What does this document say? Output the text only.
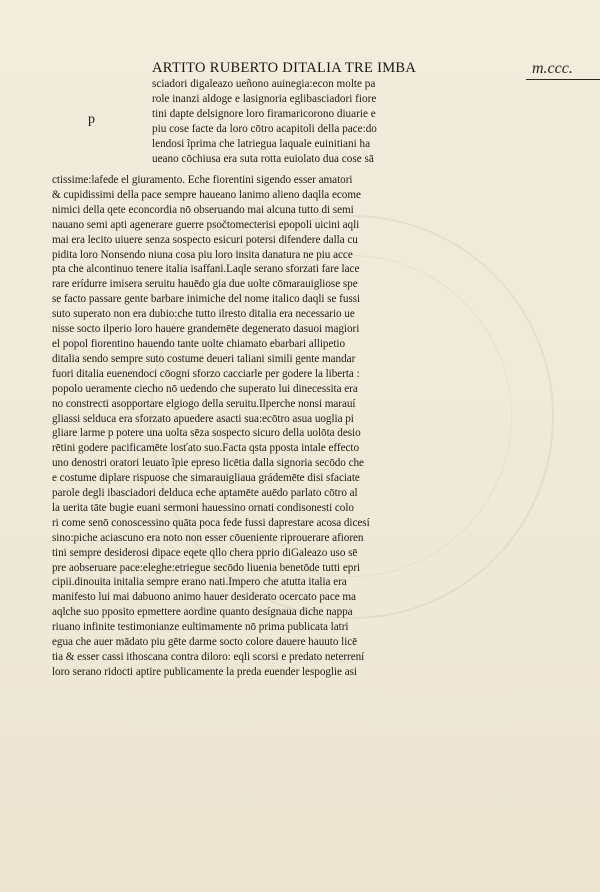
ARTITO RUBERTO DITALIA TRE IMBA	m.ccc.
p
sciadori digaleazo ueñono auinegia:econ molte pa
role inanzi aldoge e lasignoria eglibasciadori fiore
tini dapte delsignore loro firamaricorono diuarie e
piu cose facte da loro cōtro acapitoli della pace:do
lendosi ĩprima che latriegua laquale euinitiani ha
ueano cōchiusa era suta rotta euiolato dua cose sā
ctissime:lafede el giuramento. Eche fiorentini sigendo esser amatori
& cupidissimi della pace sempre haueano lanimo alieno daqlla ecome
nimici della qete econcordia nō obseruando mai alcuna tutto di semi
nauano semi apti agenerare guerre psočtomecterisi epopoli uicini aqli
mai era lecito uiuere senza sospecto esicuri potersi difendere dalla cu
pidita loro Nonsendo niuna cosa piu loro insita danatura ne piu acce
pta che alcontinuo tenere italia isaffani.Laqle serano sforzati fare lace
rare erídurre imisera seruitu hauēdo gia due uolte cōmarauigliose spe
se facto passare gente barbare inimiche del nome italico daqli se fussi
suto superato non era dubio:che tutto ilresto ditalia era necessario ue
nisse socto ilperio loro hauere grandemēte degenerato dasuoi magiori
el popol fiorentino hauendo tante uolte chiamato ebarbari allipetio
ditalia sendo sempre suto costume deueri taliani simili gente mandar
fuori ditalia euenendoci cōogni sforzo cacciarle per godere la liberta :
popolo ueramente ciecho nō uedendo che superato lui dinecessita era
no constrecti asopportare elgiogo della seruitu.Ilperche nonsi marauí
gliassi selduca era sforzato apuedere asacti sua:ecōtro asua uoglia pi
gliare larme p potere una uolta sēza sospecto sicuro della uolōta desio
rētini godere pacificamēte losťato suo.Facta qsta pposta intale effecto
uno denostri oratori leuato ĩpie epreso licētia dalla signoria secōdo che
e costume diplare rispuose che simarauigliaua grádemēte disi sfaciate
parole degli ibasciadori delduca eche aptamēte auēdo parlato cōtro al
la uerita tāte bugie euani sermoni hauessino ornati condisonesti colo
ri come senō conoscessino quāta poca fede fussi daprestare acosa dicesí
sino:piche aciascuno era noto non esser cōueniente riprouerare afioren
tini sempre desiderosi dipace eqete qllo chera pprio diGaleazo uso sē
pre aobseruare pace:eleghe:etriegue secōdo liuenia benetōde tutti epri
cipii.dinouita initalia sempre erano nati.Impero che atutta italia era
manifesto lui mai dabuono animo hauer desiderato ocercato pace ma
aqlche suo pposito epmettere aordine quanto desígnaua diche nappa
riuano infinite testimonianze eultimamente nō prima publicata latri
egua che auer mādato piu gēte darme socto colore dauere hauuto licē
tia & esser cassi ithoscana contra diloro: eqli scorsi e predato neterrení
loro serano ridocti aptire publicamente la preda euender lespoglie asi
